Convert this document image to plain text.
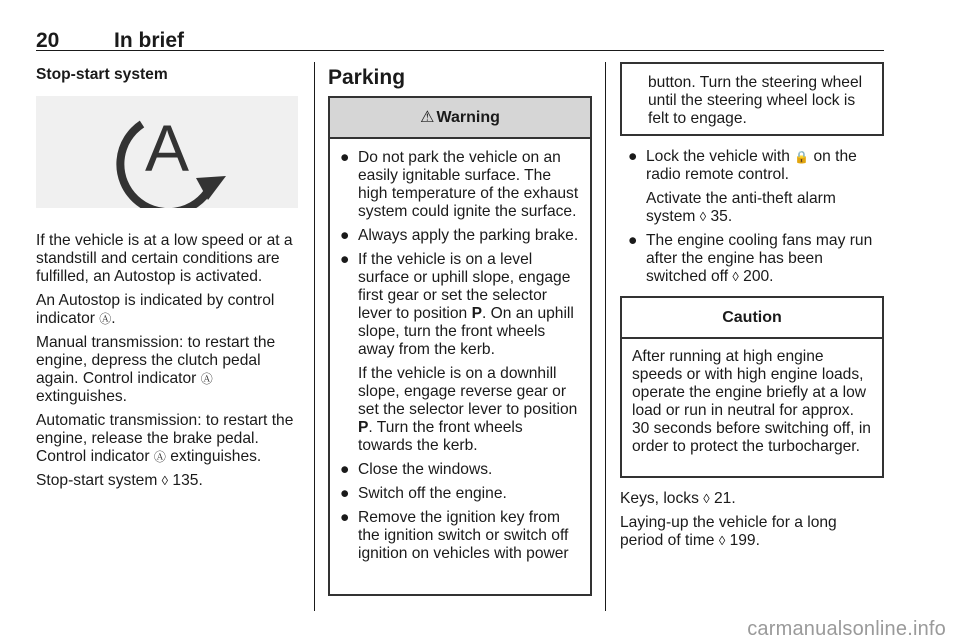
20	In brief
Stop-start system
A

If the vehicle is at a low speed or at a standstill and certain conditions are fulfilled, an Autostop is activated.

An Autostop is indicated by control indicator Ⓐ.

Manual transmission: to restart the engine, depress the clutch pedal again. Control indicator Ⓐ extinguishes.

Automatic transmission: to restart the engine, release the brake pedal. Control indicator Ⓐ extinguishes.

Stop-start system ◊ 135.

Parking
⚠ Warning
● Do not park the vehicle on an easily ignitable surface. The high temperature of the exhaust system could ignite the surface.
● Always apply the parking brake.
● If the vehicle is on a level surface or uphill slope, engage first gear or set the selector lever to position P. On an uphill slope, turn the front wheels away from the kerb.

If the vehicle is on a downhill slope, engage reverse gear or set the selector lever to position P. Turn the front wheels towards the kerb.

● Close the windows.
● Switch off the engine.
● Remove the ignition key from the ignition switch or switch off ignition on vehicles with power
button. Turn the steering wheel until the steering wheel lock is felt to engage.
● Lock the vehicle with 🔒 on the radio remote control.

Activate the anti-theft alarm system ◊ 35.

● The engine cooling fans may run after the engine has been switched off ◊ 200.
Caution
After running at high engine speeds or with high engine loads, operate the engine briefly at a low load or run in neutral for approx. 30 seconds before switching off, in order to protect the turbocharger.

Keys, locks ◊ 21.

Laying-up the vehicle for a long period of time ◊ 199.

carmanualsonline.info
